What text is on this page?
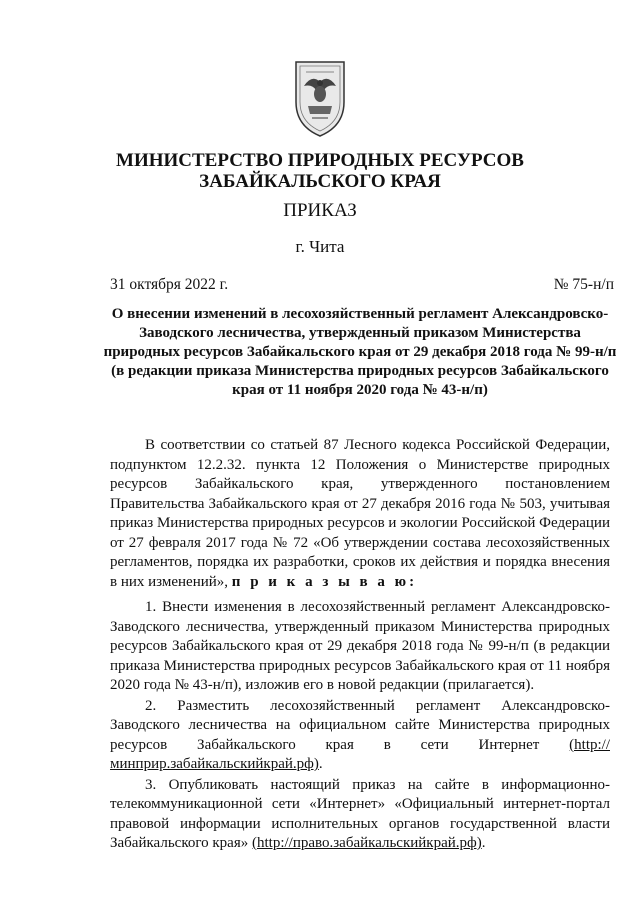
МИНИСТЕРСТВО ПРИРОДНЫХ РЕСУРСОВ
ЗАБАЙКАЛЬСКОГО КРАЯ
ПРИКАЗ
г. Чита
31 октября 2022 г.	№ 75-н/п
О внесении изменений в лесохозяйственный регламент Александровско-Заводского лесничества, утвержденный приказом Министерства природных ресурсов Забайкальского края от 29 декабря 2018 года № 99-н/п (в редакции приказа Министерства природных ресурсов Забайкальского края от 11 ноября 2020 года № 43-н/п)

В соответствии со статьей 87 Лесного кодекса Российской Федерации, подпунктом 12.2.32. пункта 12 Положения о Министерстве природных ресурсов Забайкальского края, утвержденного постановлением Правительства Забайкальского края от 27 декабря 2016 года № 503, учитывая приказ Министерства природных ресурсов и экологии Российской Федерации от 27 февраля 2017 года № 72 «Об утверждении состава лесохозяйственных регламентов, порядка их разработки, сроков их действия и порядка внесения в них изменений», п р и к а з ы в а ю:

1. Внести изменения в лесохозяйственный регламент Александровско-Заводского лесничества, утвержденный приказом Министерства природных ресурсов Забайкальского края от 29 декабря 2018 года № 99-н/п (в редакции приказа Министерства природных ресурсов Забайкальского края от 11 ноября 2020 года № 43-н/п), изложив его в новой редакции (прилагается).

2. Разместить лесохозяйственный регламент Александровско-Заводского лесничества на официальном сайте Министерства природных ресурсов Забайкальского края в сети Интернет (http://минприр.забайкальскийкрай.рф).

3. Опубликовать настоящий приказ на сайте в информационно-телекоммуникационной сети «Интернет» «Официальный интернет-портал правовой информации исполнительных органов государственной власти Забайкальского края» (http://право.забайкальскийкрай.рф).
